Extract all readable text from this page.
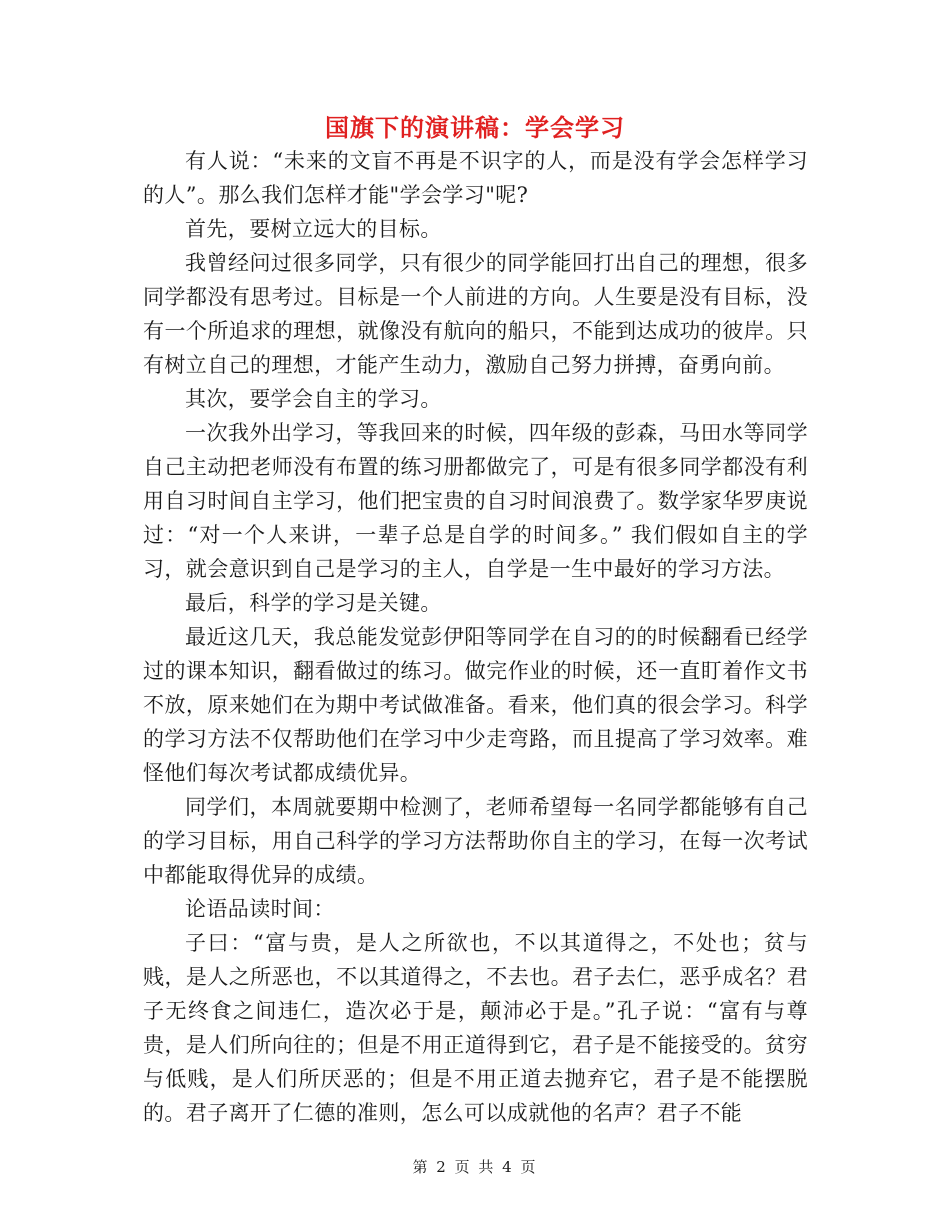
国旗下的演讲稿：学会学习

有人说：“未来的文盲不再是不识字的人，而是没有学会怎样学习的人”。那么我们怎样才能"学会学习"呢?

首先，要树立远大的目标。

我曾经问过很多同学，只有很少的同学能回打出自己的理想，很多同学都没有思考过。目标是一个人前进的方向。人生要是没有目标，没有一个所追求的理想，就像没有航向的船只，不能到达成功的彼岸。只有树立自己的理想，才能产生动力，激励自己努力拼搏，奋勇向前。

其次，要学会自主的学习。

一次我外出学习，等我回来的时候，四年级的彭森，马田水等同学自己主动把老师没有布置的练习册都做完了，可是有很多同学都没有利用自习时间自主学习，他们把宝贵的自习时间浪费了。数学家华罗庚说过：“对一个人来讲，一辈子总是自学的时间多。” 我们假如自主的学习，就会意识到自己是学习的主人，自学是一生中最好的学习方法。

最后，科学的学习是关键。

最近这几天，我总能发觉彭伊阳等同学在自习的的时候翻看已经学过的课本知识，翻看做过的练习。做完作业的时候，还一直盯着作文书不放，原来她们在为期中考试做准备。看来，他们真的很会学习。科学的学习方法不仅帮助他们在学习中少走弯路，而且提高了学习效率。难怪他们每次考试都成绩优异。

同学们，本周就要期中检测了，老师希望每一名同学都能够有自己的学习目标，用自己科学的学习方法帮助你自主的学习，在每一次考试中都能取得优异的成绩。

论语品读时间：

子曰：“富与贵，是人之所欲也，不以其道得之，不处也；贫与贱，是人之所恶也，不以其道得之，不去也。君子去仁，恶乎成名？君子无终食之间违仁，造次必于是，颠沛必于是。”孔子说：“富有与尊贵，是人们所向往的；但是不用正道得到它，君子是不能接受的。贫穷与低贱，是人们所厌恶的；但是不用正道去抛弃它，君子是不能摆脱的。君子离开了仁德的准则，怎么可以成就他的名声？君子不能

第 2 页 共 4 页
